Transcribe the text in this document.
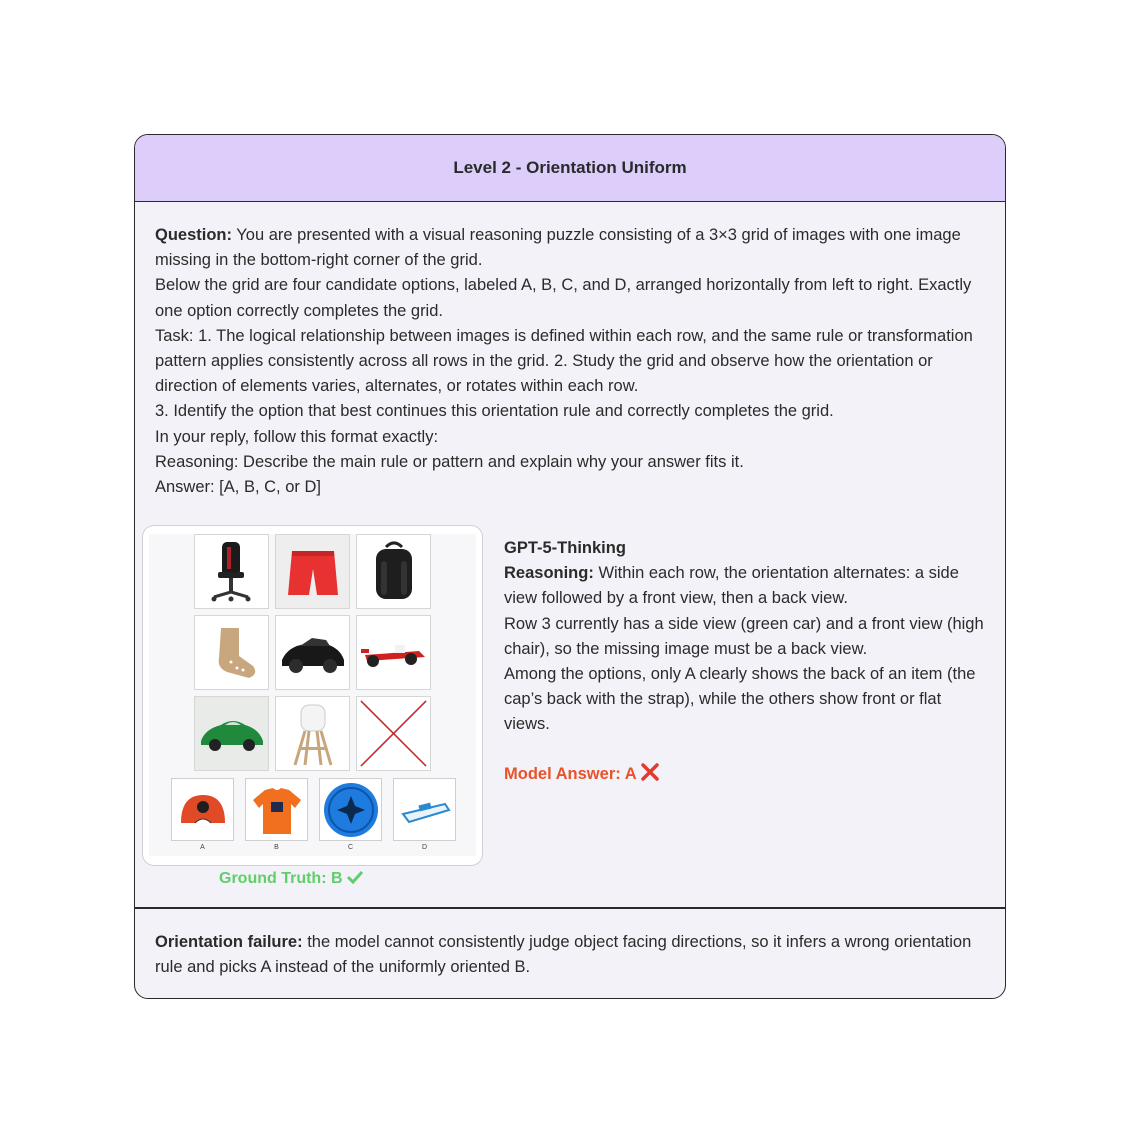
Level 2 - Orientation Uniform

Question: You are presented with a visual reasoning puzzle consisting of a 3×3 grid of images with one image missing in the bottom-right corner of the grid.

Below the grid are four candidate options, labeled A, B, C, and D, arranged horizontally from left to right. Exactly one option correctly completes the grid.

Task: 1. The logical relationship between images is defined within each row, and the same rule or transformation pattern applies consistently across all rows in the grid. 2. Study the grid and observe how the orientation or direction of elements varies, alternates, or rotates within each row.

3. Identify the option that best continues this orientation rule and correctly completes the grid.

In your reply, follow this format exactly:

Reasoning: Describe the main rule or pattern and explain why your answer fits it.

Answer: [A, B, C, or D]

A	B	C	D
Ground Truth: B

GPT-5-Thinking

Reasoning: Within each row, the orientation alternates: a side view followed by a front view, then a back view.

Row 3 currently has a side view (green car) and a front view (high chair), so the missing image must be a back view.

Among the options, only A clearly shows the back of an item (the cap’s back with the strap), while the others show front or flat views.

Model Answer: A

Orientation failure: the model cannot consistently judge object facing directions, so it infers a wrong orientation rule and picks A instead of the uniformly oriented B.
